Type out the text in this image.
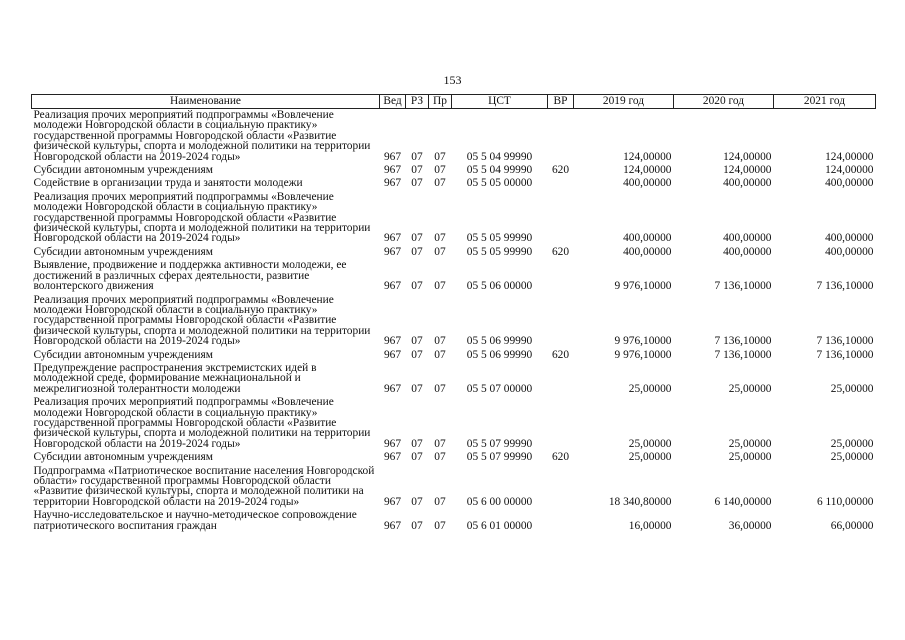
153
Наименование	Вед	РЗ	Пр	ЦСТ	ВР	2019 год	2020 год	2021 год
Реализация прочих мероприятий подпрограммы «Вовлечение молодежи Новгородской области в социальную практику» государственной программы Новгородской области «Развитие физической культуры, спорта и молодежной политики на территории Новгородской области на 2019-2024 годы»	967	07	07	05 5 04 99990		124,00000	124,00000	124,00000
Субсидии автономным учреждениям	967	07	07	05 5 04 99990	620	124,00000	124,00000	124,00000
Содействие в организации труда и занятости молодежи	967	07	07	05 5 05 00000		400,00000	400,00000	400,00000
Реализация прочих мероприятий подпрограммы «Вовлечение молодежи Новгородской области в социальную практику» государственной программы Новгородской области «Развитие физической культуры, спорта и молодежной политики на территории Новгородской области на 2019-2024 годы»	967	07	07	05 5 05 99990		400,00000	400,00000	400,00000
Субсидии автономным учреждениям	967	07	07	05 5 05 99990	620	400,00000	400,00000	400,00000
Выявление, продвижение и поддержка активности молодежи, ее достижений в различных сферах деятельности, развитие волонтерского движения	967	07	07	05 5 06 00000		9 976,10000	7 136,10000	7 136,10000
Реализация прочих мероприятий подпрограммы «Вовлечение молодежи Новгородской области в социальную практику» государственной программы Новгородской области «Развитие физической культуры, спорта и молодежной политики на территории Новгородской области на 2019-2024 годы»	967	07	07	05 5 06 99990		9 976,10000	7 136,10000	7 136,10000
Субсидии автономным учреждениям	967	07	07	05 5 06 99990	620	9 976,10000	7 136,10000	7 136,10000
Предупреждение распространения экстремистских идей в молодежной среде, формирование межнациональной и межрелигиозной толерантности молодежи	967	07	07	05 5 07 00000		25,00000	25,00000	25,00000
Реализация прочих мероприятий подпрограммы «Вовлечение молодежи Новгородской области в социальную практику» государственной программы Новгородской области «Развитие физической культуры, спорта и молодежной политики на территории Новгородской области на 2019-2024 годы»	967	07	07	05 5 07 99990		25,00000	25,00000	25,00000
Субсидии автономным учреждениям	967	07	07	05 5 07 99990	620	25,00000	25,00000	25,00000
Подпрограмма «Патриотическое воспитание населения Новгородской области» государственной программы Новгородской области «Развитие физической культуры, спорта и молодежной политики на территории Новгородской области на 2019-2024 годы»	967	07	07	05 6 00 00000		18 340,80000	6 140,00000	6 110,00000
Научно-исследовательское и научно-методическое сопровождение патриотического воспитания граждан	967	07	07	05 6 01 00000		16,00000	36,00000	66,00000
